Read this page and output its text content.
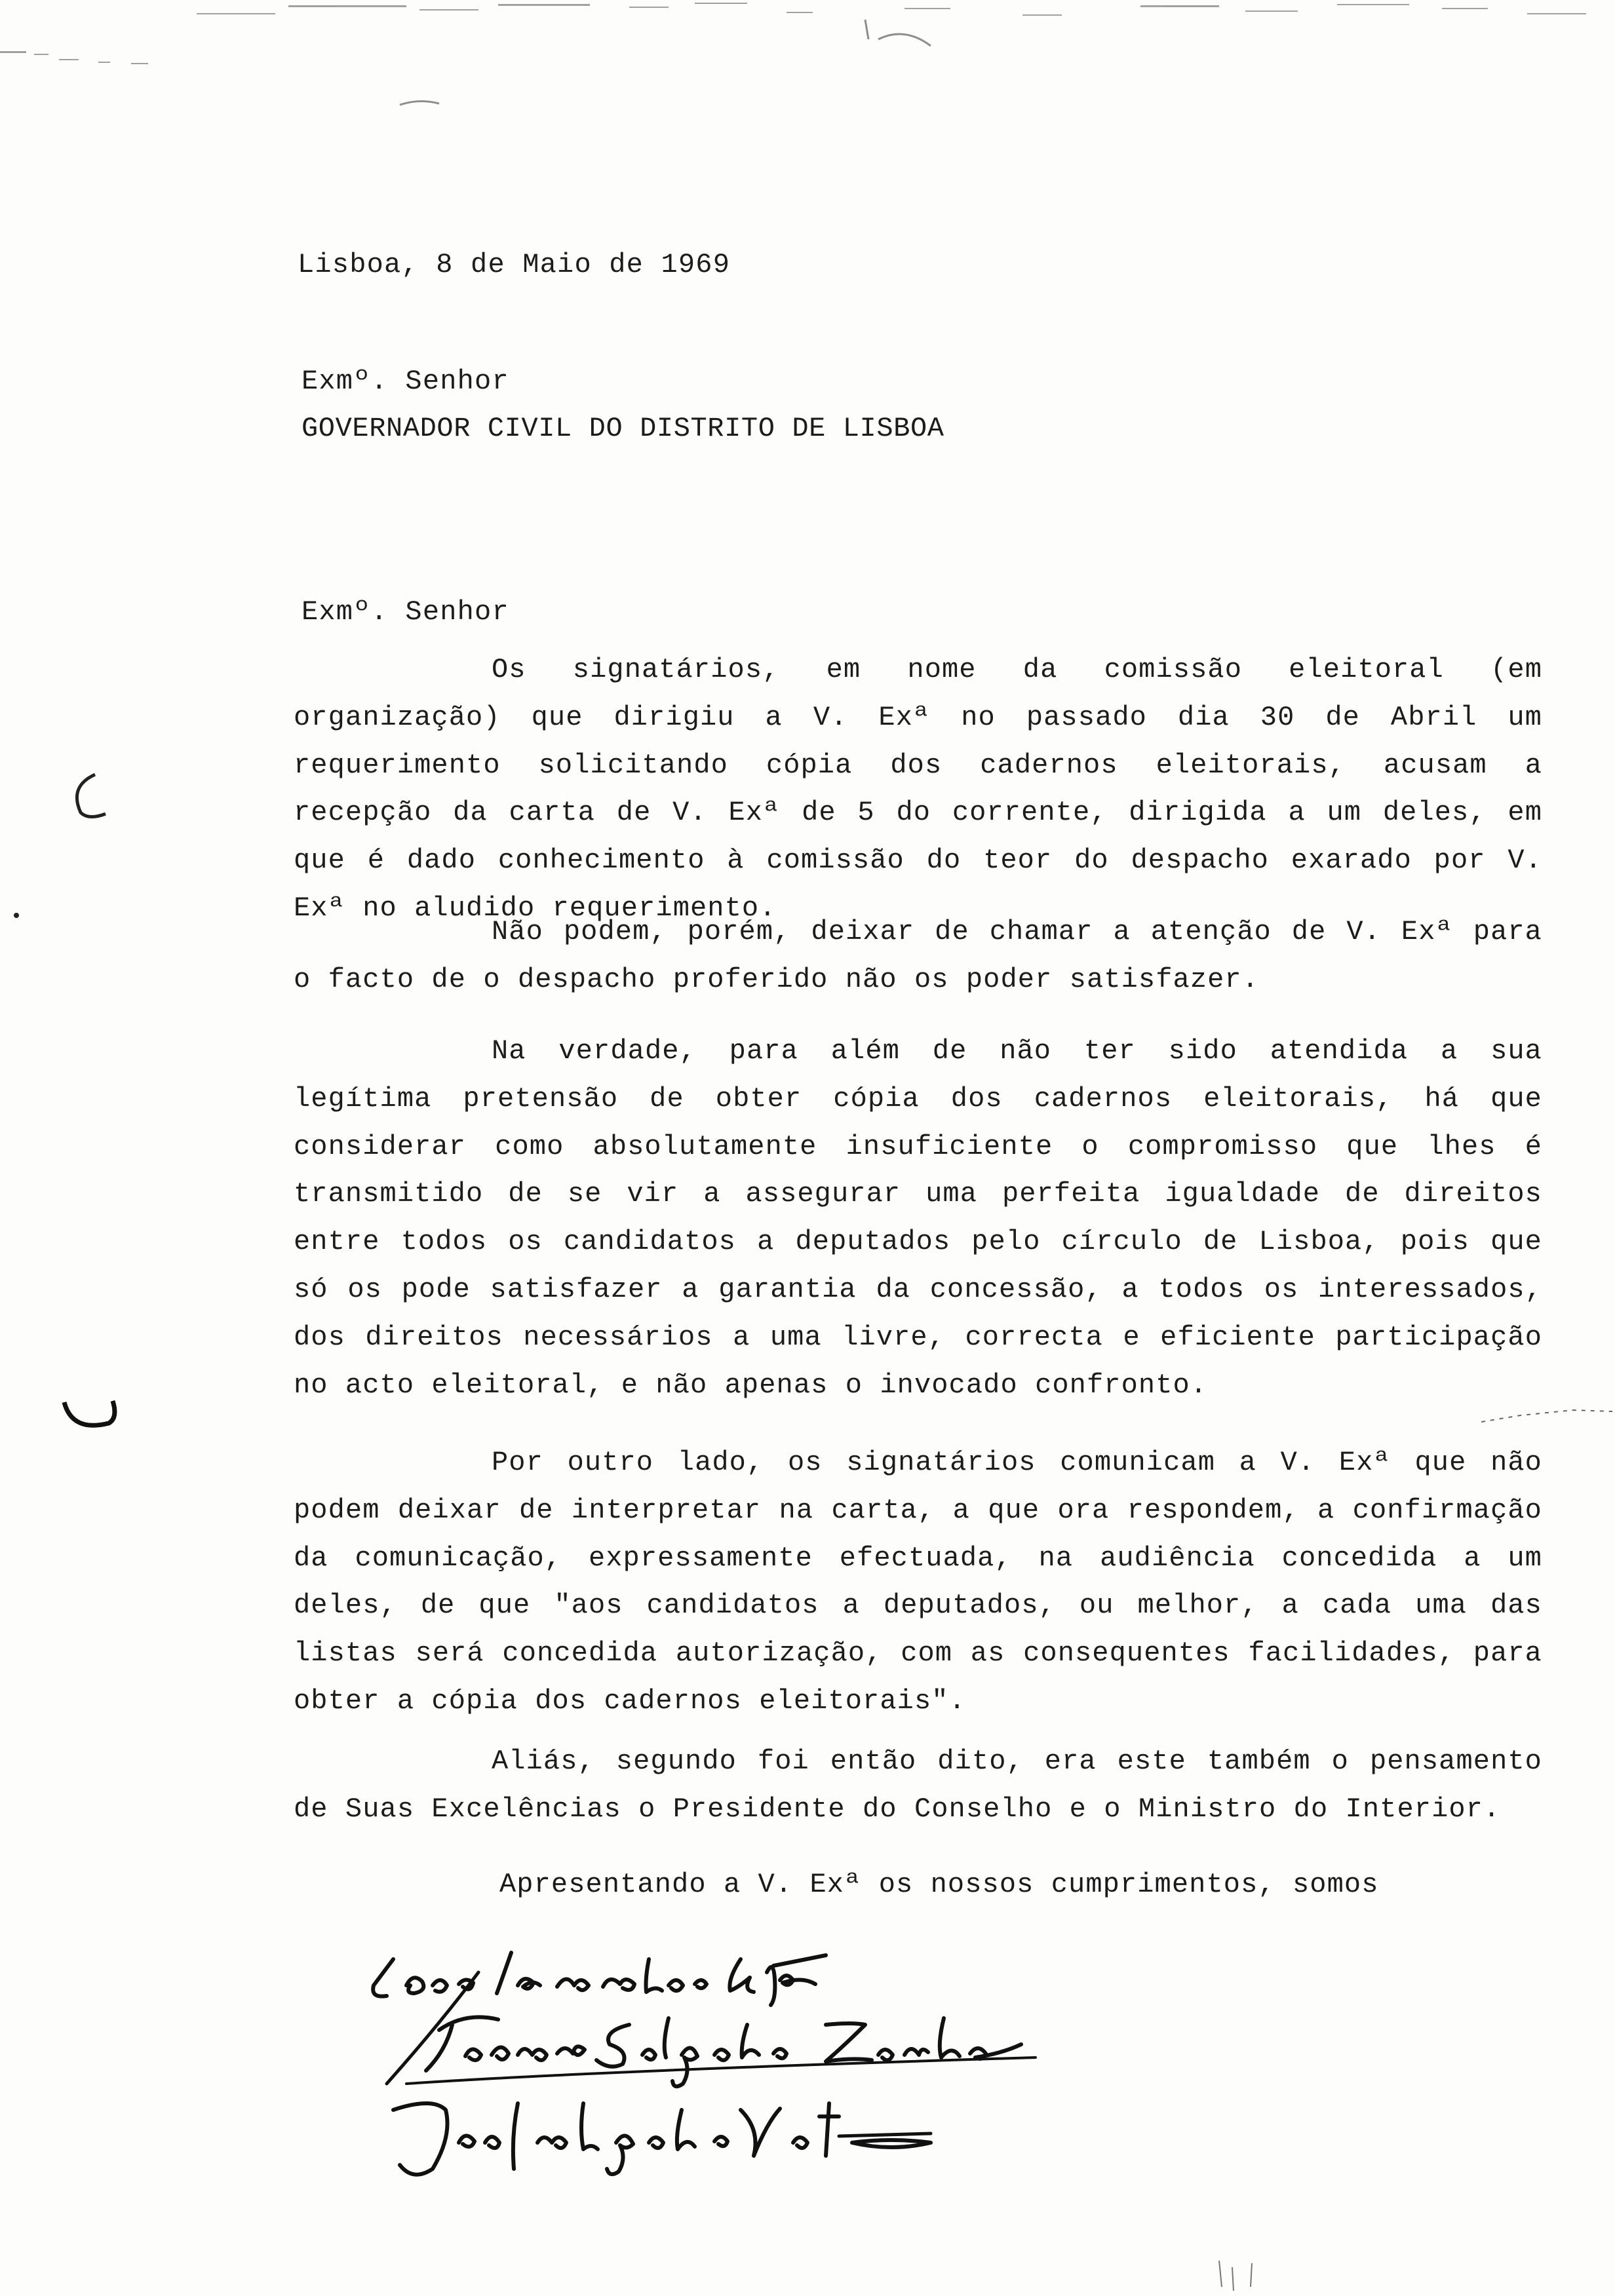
Lisboa, 8 de Maio de 1969
Exmº. Senhor
GOVERNADOR CIVIL DO DISTRITO DE LISBOA
Exmº. Senhor

Os signatários, em nome da comissão eleitoral (em organização) que dirigiu a V. Exª no passado dia 30 de Abril um requerimento solicitando cópia dos cadernos eleitorais, acusam a recepção da carta de V. Exª de 5 do corrente, dirigida a um deles, em que é dado conhecimento à comissão do teor do despacho exarado por V. Exª no aludido requerimento.

Não podem, porém, deixar de chamar a atenção de V. Exª para o facto de o despacho proferido não os poder satisfazer.

Na verdade, para além de não ter sido atendida a sua legítima pretensão de obter cópia dos cadernos eleitorais, há que considerar como absolutamente insuficiente o compromisso que lhes é transmitido de se vir a assegurar uma perfeita igualdade de direitos entre todos os candidatos a deputados pelo círculo de Lisboa, pois que só os pode satisfazer a garantia da concessão, a todos os interessados, dos direitos necessários a uma livre, correcta e eficiente participação no acto eleitoral, e não apenas o invocado confronto.

Por outro lado, os signatários comunicam a V. Exª que não podem deixar de interpretar na carta, a que ora respondem, a confirmação da comunicação, expressamente efectuada, na audiência concedida a um deles, de que "aos candidatos a deputados, ou melhor, a cada uma das listas será concedida autorização, com as consequentes facilidades, para obter a cópia dos cadernos eleitorais".

Aliás, segundo foi então dito, era este também o pensamento de Suas Excelências o Presidente do Conselho e o Ministro do Interior.

Apresentando a V. Exª os nossos cumprimentos, somos
